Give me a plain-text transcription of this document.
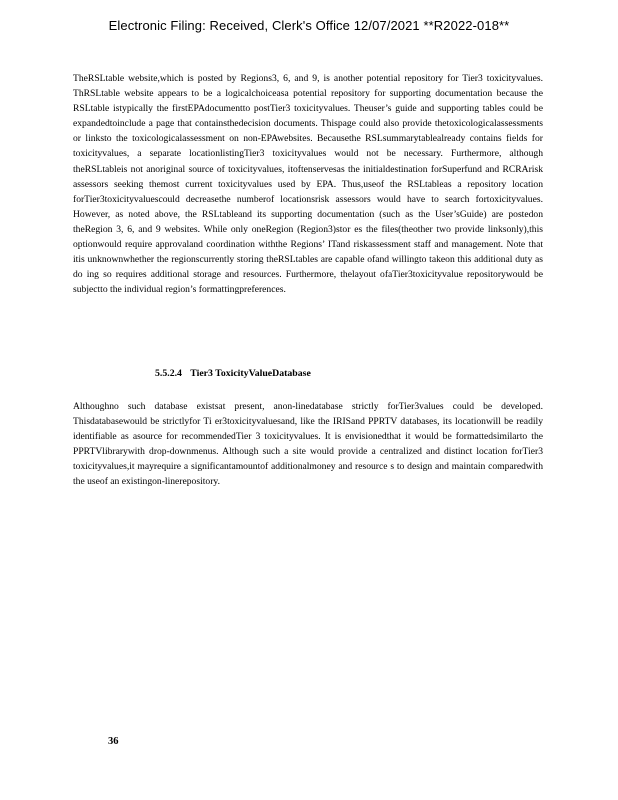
Electronic Filing: Received, Clerk's Office 12/07/2021 **R2022-018**

TheRSLtable website,which is posted by Regions3, 6, and 9, is another potential repository for Tier3 toxicityvalues. ThRSLtable website appears to be a logicalchoiceasa potential repository for supporting documentation because the RSLtable istypically the firstEPAdocumentto postTier3 toxicityvalues. Theuser’s guide and supporting tables could be expandedtoinclude a page that containsthedecision documents. Thispage could also provide thetoxicologicalassessments or linksto the toxicologicalassessment on non-EPAwebsites. Becausethe RSLsummarytablealready contains fields for toxicityvalues, a separate locationlistingTier3 toxicityvalues would not be necessary. Furthermore, although theRSLtableis not anoriginal source of toxicityvalues, itoftenservesas the initialdestination forSuperfund and RCRArisk assessors seeking themost current toxicityvalues used by EPA. Thus,useof the RSLtableas a repository location forTier3toxicityvaluescould decreasethe numberof locationsrisk assessors would have to search fortoxicityvalues. However, as noted above, the RSLtableand its supporting documentation (such as the User’sGuide) are postedon theRegion 3, 6, and 9 websites. While only oneRegion (Region3)stor es the files(theother two provide linksonly),this optionwould require approvaland coordination withthe Regions’ ITand riskassessment staff and management. Note that itis unknownwhether the regionscurrently storing theRSLtables are capable ofand willingto takeon this additional duty as do ing so requires additional storage and resources. Furthermore, thelayout ofaTier3toxicityvalue repositorywould be subjectto the individual region’s formattingpreferences.

5.5.2.4 Tier3 ToxicityValueDatabase

Althoughno such database existsat present, anon-linedatabase strictly forTier3values could be developed. Thisdatabasewould be strictlyfor Ti er3toxicityvaluesand, like the IRISand PPRTV databases, its locationwill be readily identifiable as asource for recommendedTier 3 toxicityvalues. It is envisionedthat it would be formattedsimilarto the PPRTVlibrarywith drop-downmenus. Although such a site would provide a centralized and distinct location forTier3 toxicityvalues,it mayrequire a significantamountof additionalmoney and resource s to design and maintain comparedwith the useof an existingon-linerepository.

36
